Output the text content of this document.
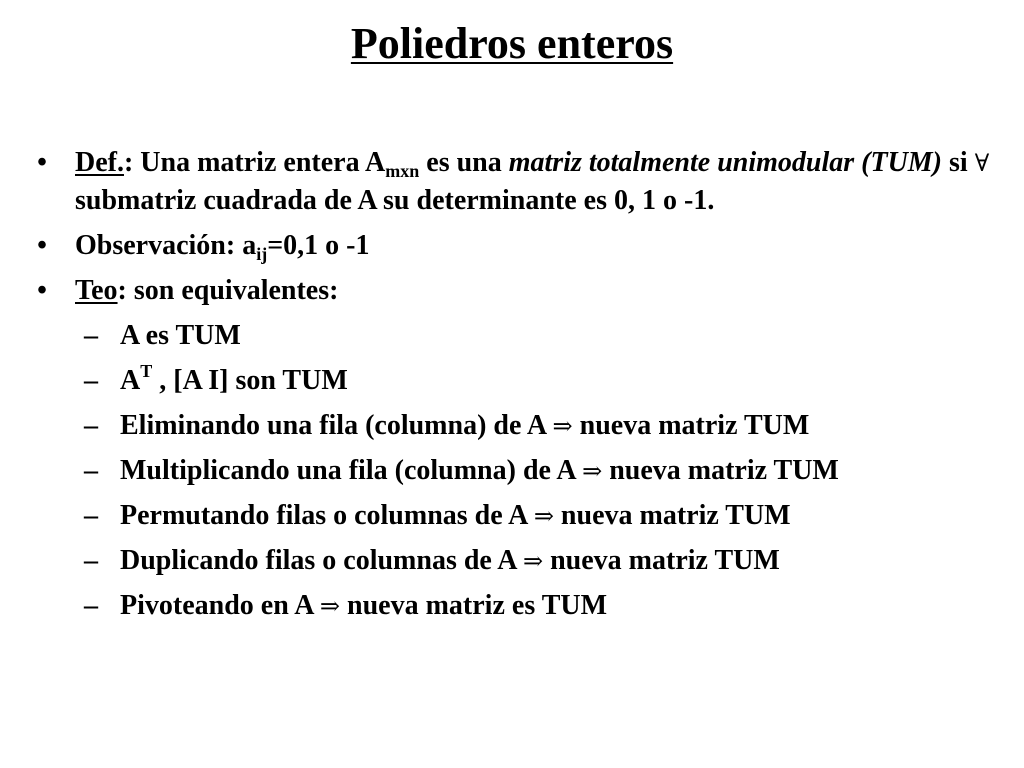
Poliedros enteros
• Def.: Una matriz entera $A_{mxn}$ es una matriz totalmente unimodular (TUM) si ∀ submatriz cuadrada de A su determinante es 0, 1 o -1.
• Observación: $a_{ij}=0,1$ o -1
• Teo: son equivalentes:
– A es TUM
– $A^T$ , [A I] son TUM
– Eliminando una fila (columna) de A ⇒ nueva matriz TUM
– Multiplicando una fila (columna) de A ⇒ nueva matriz TUM
– Permutando filas o columnas de A ⇒ nueva matriz TUM
– Duplicando filas o columnas de A ⇒ nueva matriz TUM
– Pivoteando en A ⇒ nueva matriz es TUM
